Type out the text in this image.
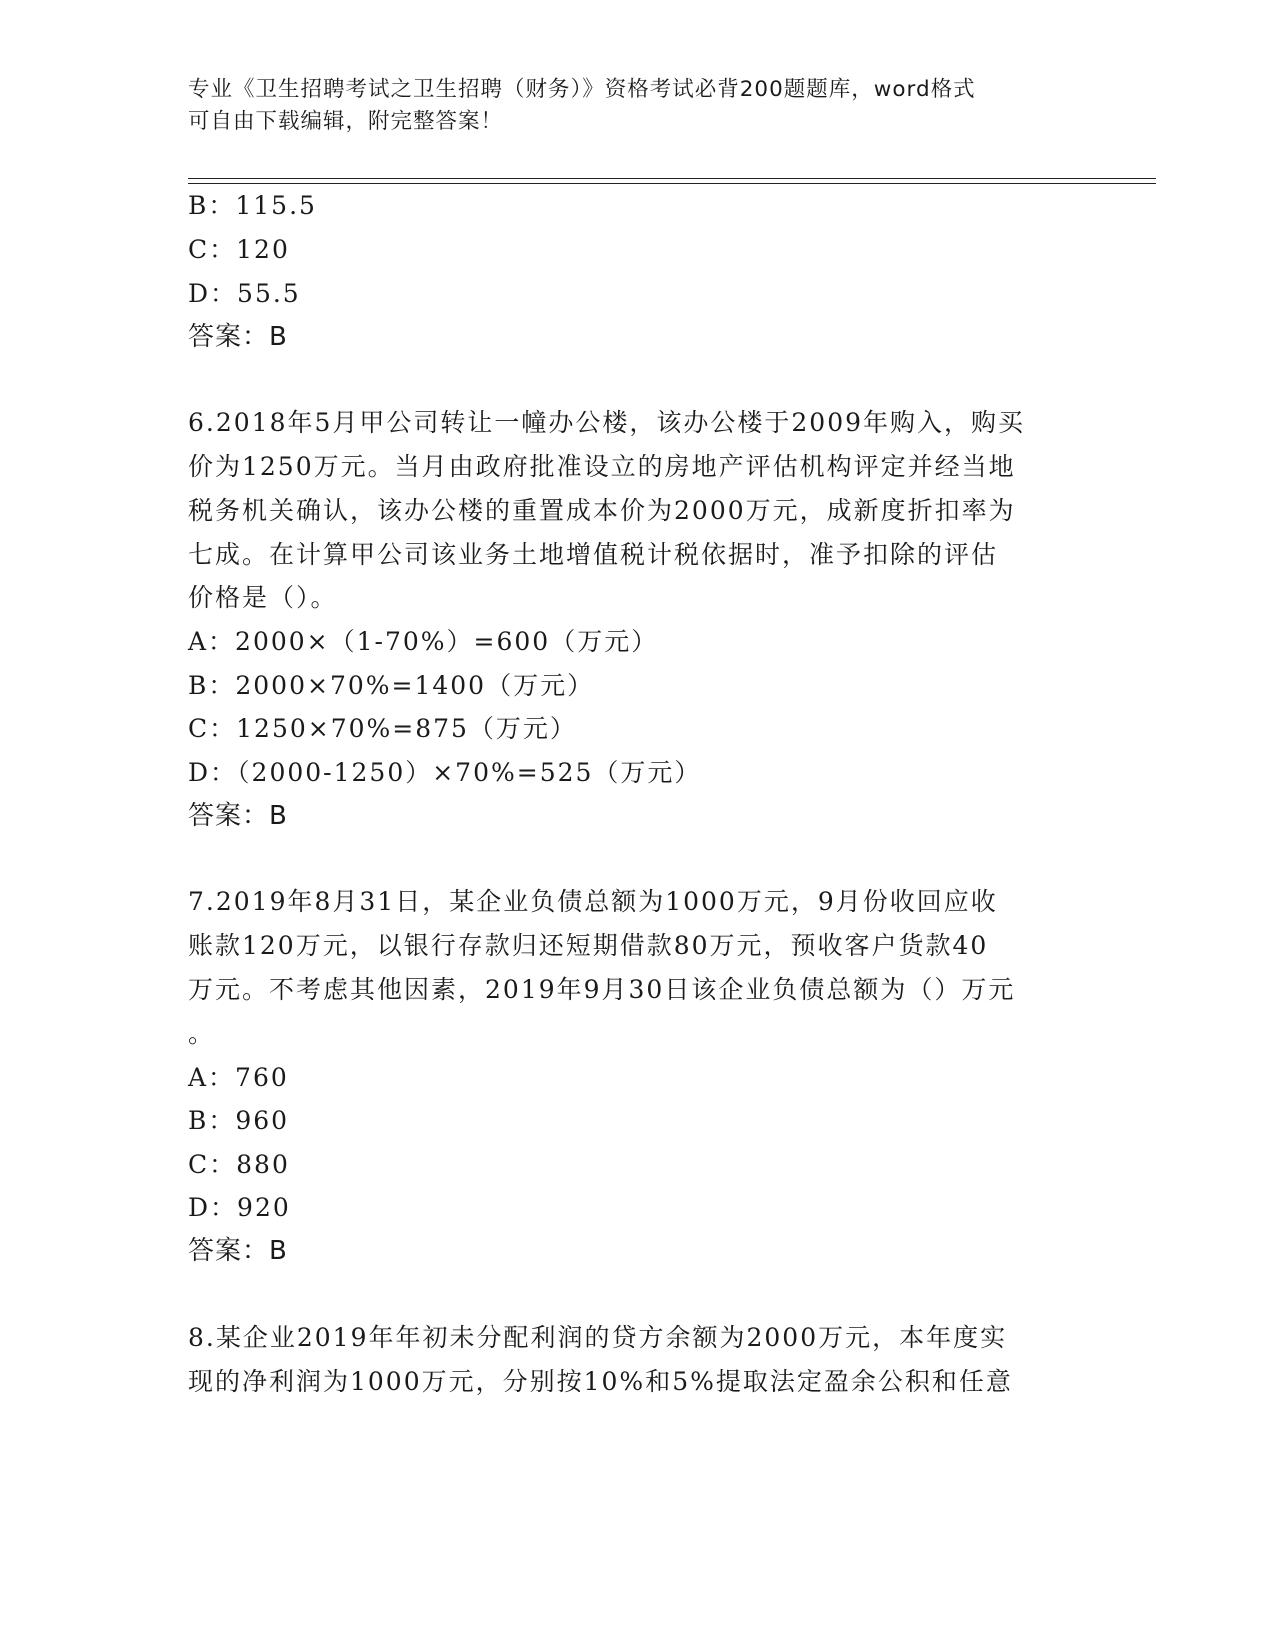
专业《卫生招聘考试之卫生招聘（财务）》资格考试必背200题题库，word格式
可自由下载编辑，附完整答案！
B：115.5
C：120
D：55.5
答案：B
6.2018年5月甲公司转让一幢办公楼，该办公楼于2009年购入，购买
价为1250万元。当月由政府批准设立的房地产评估机构评定并经当地
税务机关确认，该办公楼的重置成本价为2000万元，成新度折扣率为
七成。在计算甲公司该业务土地增值税计税依据时，准予扣除的评估
价格是（）。
A：2000×（1-70%）=600（万元）
B：2000×70%=1400（万元）
C：1250×70%=875（万元）
D：（2000-1250）×70%=525（万元）
答案：B
7.2019年8月31日，某企业负债总额为1000万元，9月份收回应收
账款120万元，以银行存款归还短期借款80万元，预收客户货款40
万元。不考虑其他因素，2019年9月30日该企业负债总额为（）万元
。
A：760
B：960
C：880
D：920
答案：B
8.某企业2019年年初未分配利润的贷方余额为2000万元，本年度实
现的净利润为1000万元，分别按10%和5%提取法定盈余公积和任意
